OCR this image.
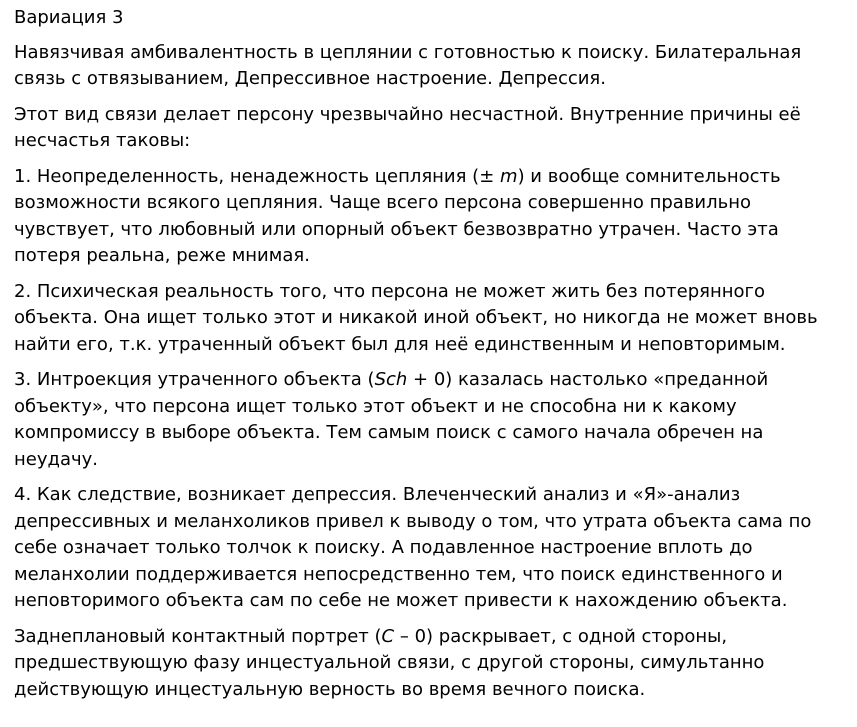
Вариация 3

Навязчивая амбивалентность в цеплянии с готовностью к поиску. Билатеральная связь с отвязыванием, Депрессивное настроение. Депрессия.

Этот вид связи делает персону чрезвычайно несчастной. Внутренние причины её несчастья таковы:

1. Неопределенность, ненадежность цепляния (± m) и вообще сомнительность возможности всякого цепляния. Чаще всего персона совершенно правильно чувствует, что любовный или опорный объект безвозвратно утрачен. Часто эта потеря реальна, реже мнимая.

2. Психическая реальность того, что персона не может жить без потерянного объекта. Она ищет только этот и никакой иной объект, но никогда не может вновь найти его, т.к. утраченный объект был для неё единственным и неповторимым.

3. Интроекция утраченного объекта (Sch + 0) казалась настолько «преданной объекту», что персона ищет только этот объект и не способна ни к какому компромиссу в выборе объекта. Тем самым поиск с самого начала обречен на неудачу.

4. Как следствие, возникает депрессия. Влеченческий анализ и «Я»-анализ депрессивных и меланхоликов привел к выводу о том, что утрата объекта сама по себе означает только толчок к поиску. А подавленное настроение вплоть до меланхолии поддерживается непосредственно тем, что поиск единственного и неповторимого объекта сам по себе не может привести к нахождению объекта.

Заднеплановый контактный портрет (C – 0) раскрывает, с одной стороны, предшествующую фазу инцестуальной связи, с другой стороны, симультанно действующую инцестуальную верность во время вечного поиска.
